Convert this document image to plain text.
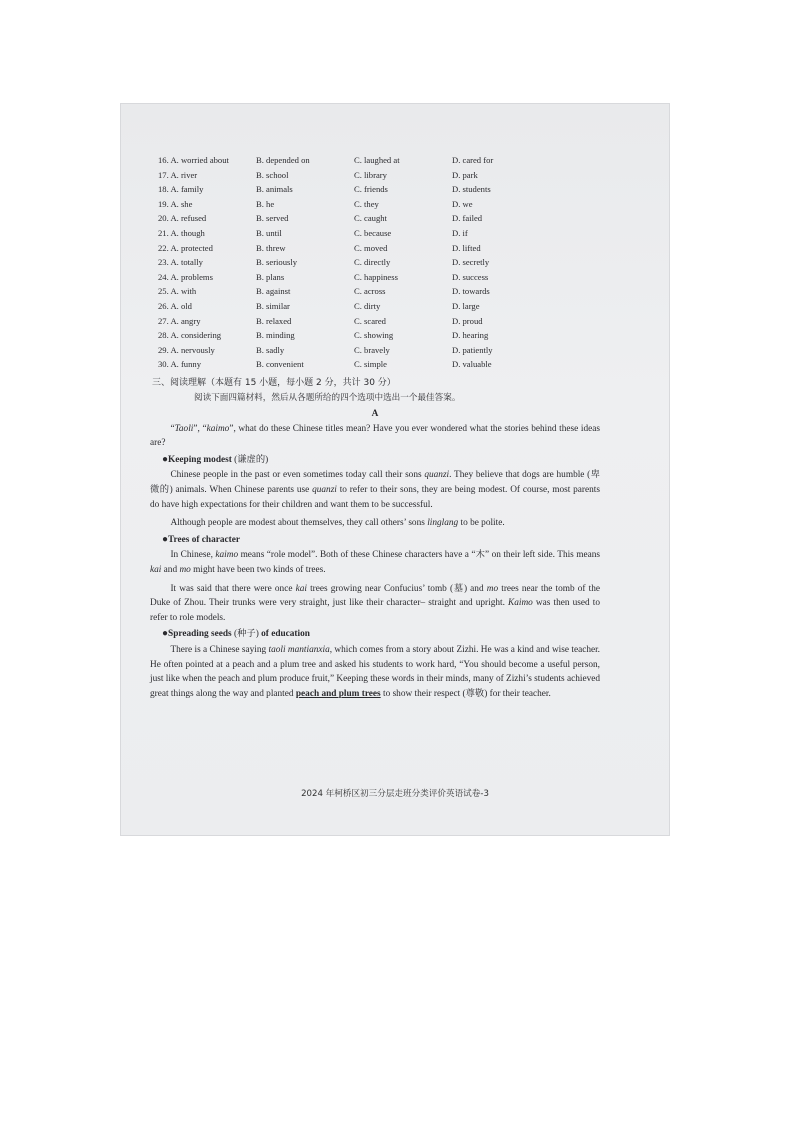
16. A. worried about	B. depended on	C. laughed at	D. cared for
17. A. river	B. school	C. library	D. park
18. A. family	B. animals	C. friends	D. students
19. A. she	B. he	C. they	D. we
20. A. refused	B. served	C. caught	D. failed
21. A. though	B. until	C. because	D. if
22. A. protected	B. threw	C. moved	D. lifted
23. A. totally	B. seriously	C. directly	D. secretly
24. A. problems	B. plans	C. happiness	D. success
25. A. with	B. against	C. across	D. towards
26. A. old	B. similar	C. dirty	D. large
27. A. angry	B. relaxed	C. scared	D. proud
28. A. considering	B. minding	C. showing	D. hearing
29. A. nervously	B. sadly	C. bravely	D. patiently
30. A. funny	B. convenient	C. simple	D. valuable
三、阅读理解（本题有 15 小题，每小题 2 分，共计 30 分）
阅读下面四篇材料，然后从各题所给的四个选项中选出一个最佳答案。
A

“Taoli”, “kaimo”, what do these Chinese titles mean? Have you ever wondered what the stories behind these ideas are?

●Keeping modest (谦虚的)

Chinese people in the past or even sometimes today call their sons quanzi. They believe that dogs are humble (卑微的) animals. When Chinese parents use quanzi to refer to their sons, they are being modest. Of course, most parents do have high expectations for their children and want them to be successful.

Although people are modest about themselves, they call others’ sons linglang to be polite.

●Trees of character

In Chinese, kaimo means “role model”. Both of these Chinese characters have a “木” on their left side. This means kai and mo might have been two kinds of trees.

It was said that there were once kai trees growing near Confucius’ tomb (墓) and mo trees near the tomb of the Duke of Zhou. Their trunks were very straight, just like their character– straight and upright. Kaimo was then used to refer to role models.

●Spreading seeds (种子) of education

There is a Chinese saying taoli mantianxia, which comes from a story about Zizhi. He was a kind and wise teacher. He often pointed at a peach and a plum tree and asked his students to work hard, “You should become a useful person, just like when the peach and plum produce fruit,” Keeping these words in their minds, many of Zizhi’s students achieved great things along the way and planted peach and plum trees to show their respect (尊敬) for their teacher.

2024 年柯桥区初三分层走班分类评价英语试卷-3
